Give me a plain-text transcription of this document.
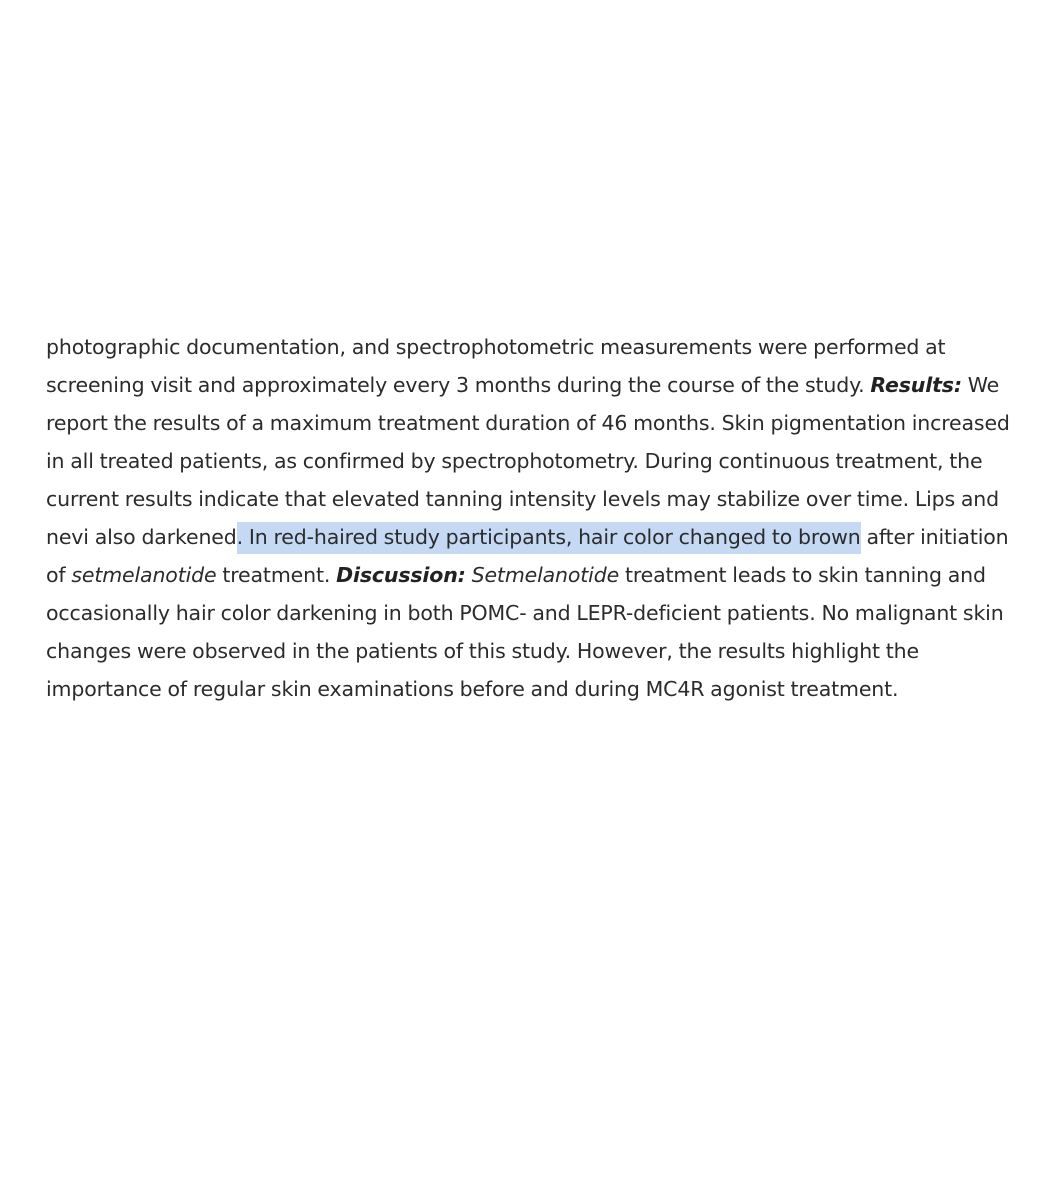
photographic documentation, and spectrophotometric measurements were performed at
screening visit and approximately every 3 months during the course of the study. Results: We
report the results of a maximum treatment duration of 46 months. Skin pigmentation increased
in all treated patients, as confirmed by spectrophotometry. During continuous treatment, the
current results indicate that elevated tanning intensity levels may stabilize over time. Lips and
nevi also darkened. In red-haired study participants, hair color changed to brown after initiation
of setmelanotide treatment. Discussion: Setmelanotide treatment leads to skin tanning and
occasionally hair color darkening in both POMC- and LEPR-deficient patients. No malignant skin
changes were observed in the patients of this study. However, the results highlight the
importance of regular skin examinations before and during MC4R agonist treatment.
